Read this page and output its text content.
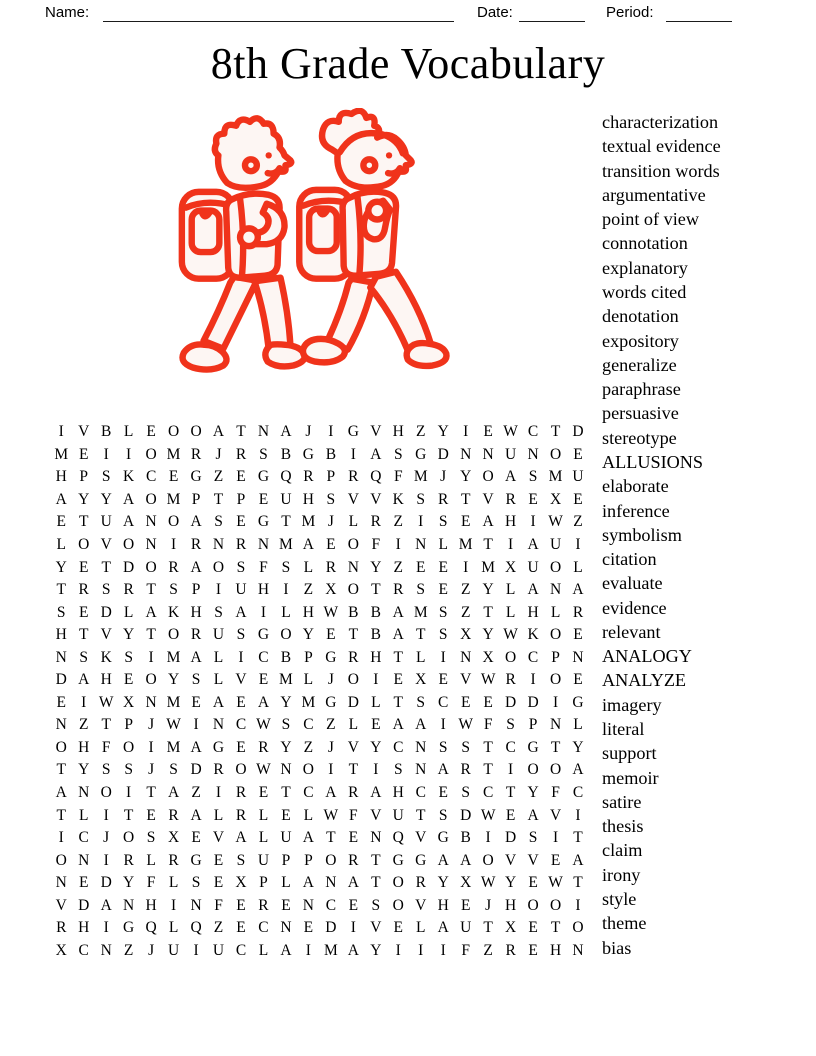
Name:	Date:	Period:
8th Grade Vocabulary
I V B L E O O A T N A J	I G V H Z Y I E W C T D
M E I	I O M R J R S B G B I A S G D N N U N O E
H P S K C E G Z E G Q R P R Q F M J Y O A S M U
A Y Y A O M P T P E U H S V V K S R T V R E X E
E T U A N O A S E G T M J L R Z I	S E A H I W Z
L O V O N I R N R N M A E O F	I N L M T I A U I
Y E T D O R A O S F S L R N Y Z E E I M X U O L
T R S R T S P	I U H I Z X O T R S E Z Y L A N A
S E D L A K H S A I L H W B B A M S Z T L H L R
H T V Y T O R U S G O Y E T B A T S X Y W K O E
N S K S	I M A L I C B P G R H T L I N X O C P N
D A H E O Y S L V E M L J O I E X E V W R I O E
E I W X N M E A E A Y M G D L T S C E E D D I G
N Z T P J W I N C W S C Z L E A A I W F S P N L
O H F O I M A G E R Y Z J V Y C N S S T C G T Y
T Y S S J S D R O W N O I T I	S N A R T I O O A
A N O I T A Z I R E T C A R A H C E S C T Y F C
T L I T E R A L R L E L W F V U T S D W E A V I
I C J O S X E V A L U A T E N Q V G B I D S	I T
O N I R L R G E S U P P O R T G G A A O V V E A
N E D Y F L S E X P L A N A T O R Y X W Y E W T
V D A N H I N F E R E N C E S O V H E J H O O I
R H I G Q L Q Z E C N E D I V E L A U T X E T O
X C N Z J U I U C L A I M A Y I	I	I	F Z R E H N
characterization
textual evidence
transition words
argumentative
point of view
connotation
explanatory
words cited
denotation
expository
generalize
paraphrase
persuasive
stereotype
ALLUSIONS
elaborate
inference
symbolism
citation
evaluate
evidence
relevant
ANALOGY
ANALYZE
imagery
literal
support
memoir
satire
thesis
claim
irony
style
theme
bias
